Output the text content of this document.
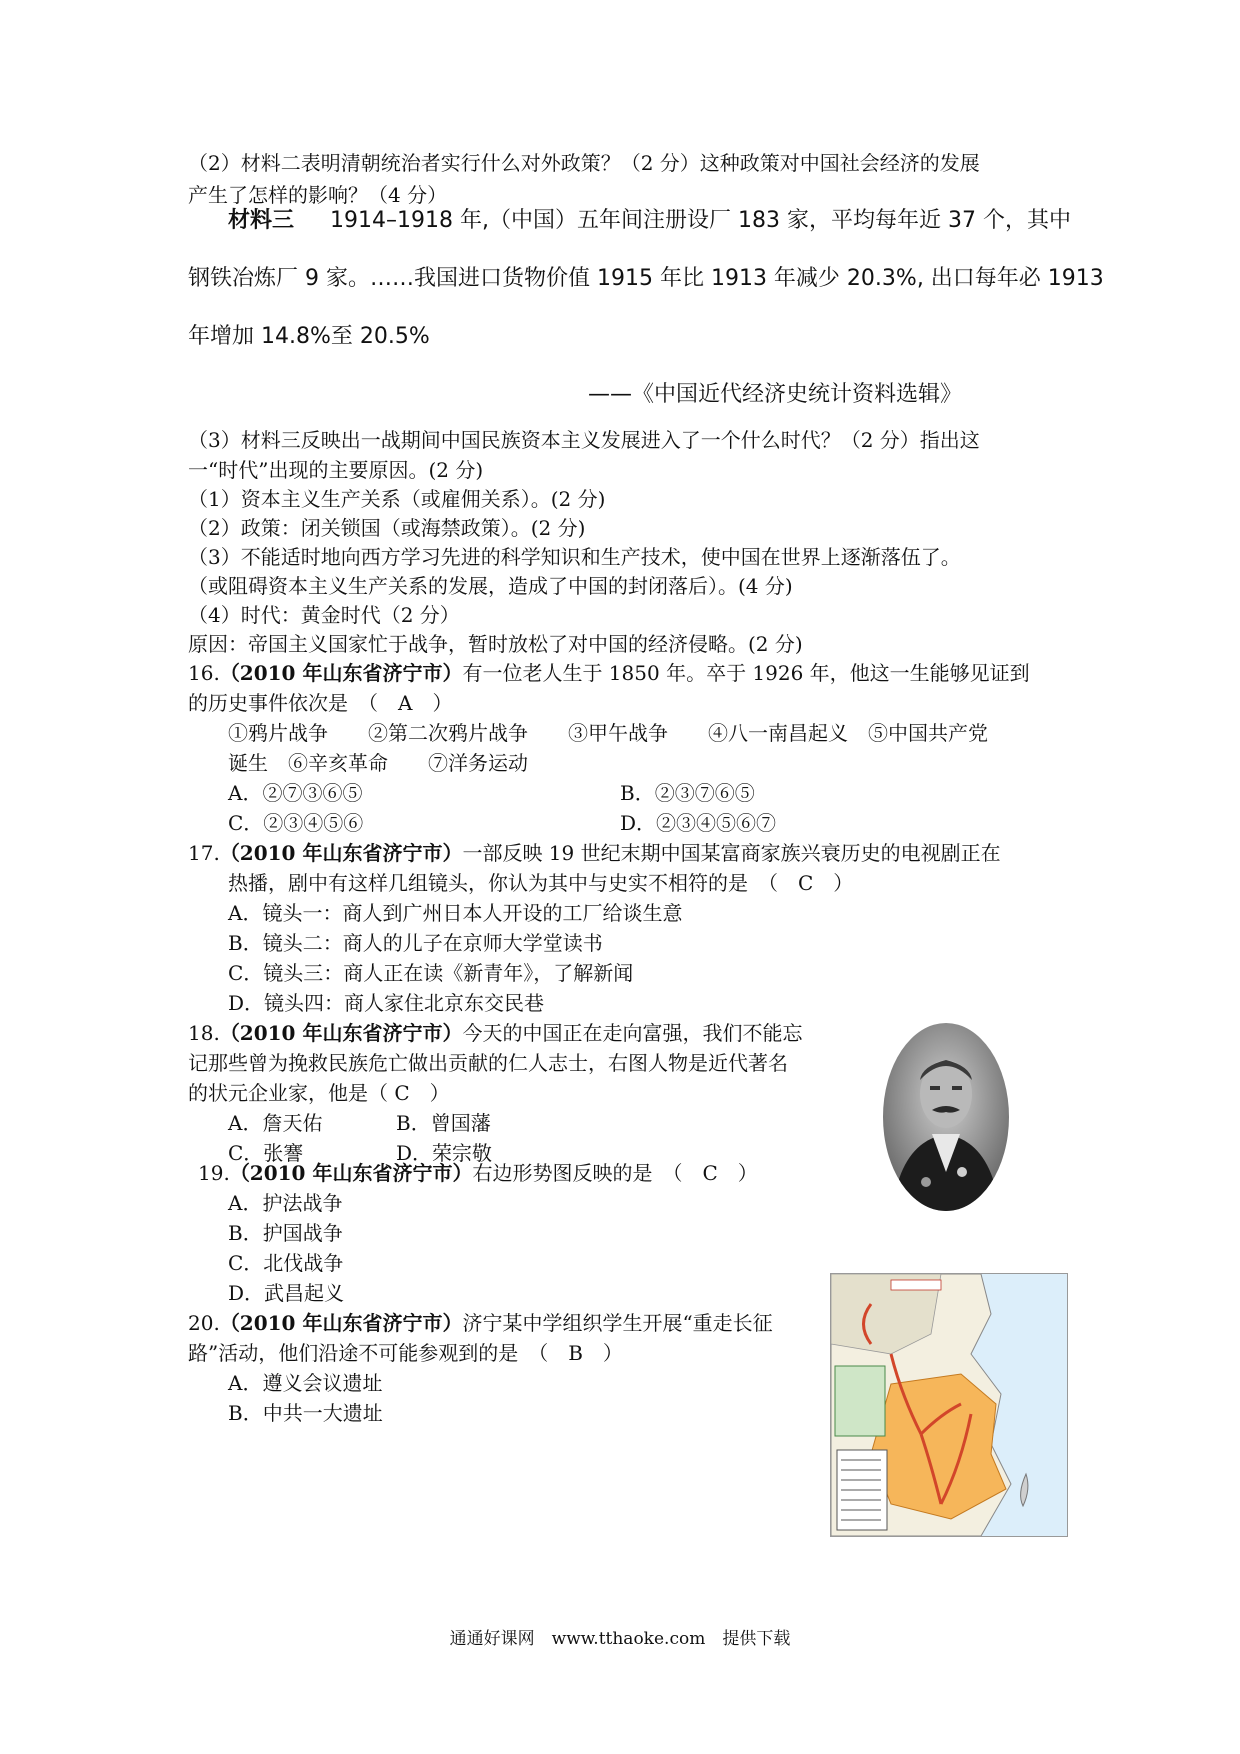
（2）材料二表明清朝统治者实行什么对外政策？（2 分）这种政策对中国社会经济的发展
产生了怎样的影响？（4 分）
材料三 1914–1918 年,（中国）五年间注册设厂 183 家，平均每年近 37 个，其中
钢铁冶炼厂 9 家。……我国进口货物价值 1915 年比 1913 年减少 20.3%, 出口每年必 1913
年增加 14.8%至 20.5%
——《中国近代经济史统计资料选辑》
（3）材料三反映出一战期间中国民族资本主义发展进入了一个什么时代？（2 分）指出这
一“时代”出现的主要原因。(2 分)
（1）资本主义生产关系（或雇佣关系）。(2 分)
（2）政策：闭关锁国（或海禁政策）。(2 分)
（3）不能适时地向西方学习先进的科学知识和生产技术，使中国在世界上逐渐落伍了。
（或阻碍资本主义生产关系的发展，造成了中国的封闭落后）。(4 分)
（4）时代：黄金时代（2 分）
原因：帝国主义国家忙于战争，暂时放松了对中国的经济侵略。(2 分)
16.（2010 年山东省济宁市）有一位老人生于 1850 年。卒于 1926 年，他这一生能够见证到
的历史事件依次是　（　A　）
①鸦片战争　　②第二次鸦片战争　　③甲午战争　　④八一南昌起义　⑤中国共产党
诞生　⑥辛亥革命　　⑦洋务运动
A．②⑦③⑥⑤	B．②③⑦⑥⑤
C．②③④⑤⑥	D．②③④⑤⑥⑦
17.（2010 年山东省济宁市）一部反映 19 世纪末期中国某富商家族兴衰历史的电视剧正在
热播，剧中有这样几组镜头，你认为其中与史实不相符的是　（　C　）
A．镜头一：商人到广州日本人开设的工厂给谈生意
B．镜头二：商人的儿子在京师大学堂读书
C．镜头三：商人正在读《新青年》，了解新闻
D．镜头四：商人家住北京东交民巷
18.（2010 年山东省济宁市）今天的中国正在走向富强，我们不能忘
记那些曾为挽救民族危亡做出贡献的仁人志士，右图人物是近代著名
的状元企业家，他是（ C　）
A．詹天佑	B．曾国藩
C．张謇	D．荣宗敬
19.（2010 年山东省济宁市）右边形势图反映的是　（　C　）
A．护法战争
B．护国战争
C．北伐战争
D．武昌起义
20.（2010 年山东省济宁市）济宁某中学组织学生开展“重走长征
路”活动，他们沿途不可能参观到的是　（　B　）
A．遵义会议遗址
B．中共一大遗址
通通好课网　www.tthaoke.com　提供下载
